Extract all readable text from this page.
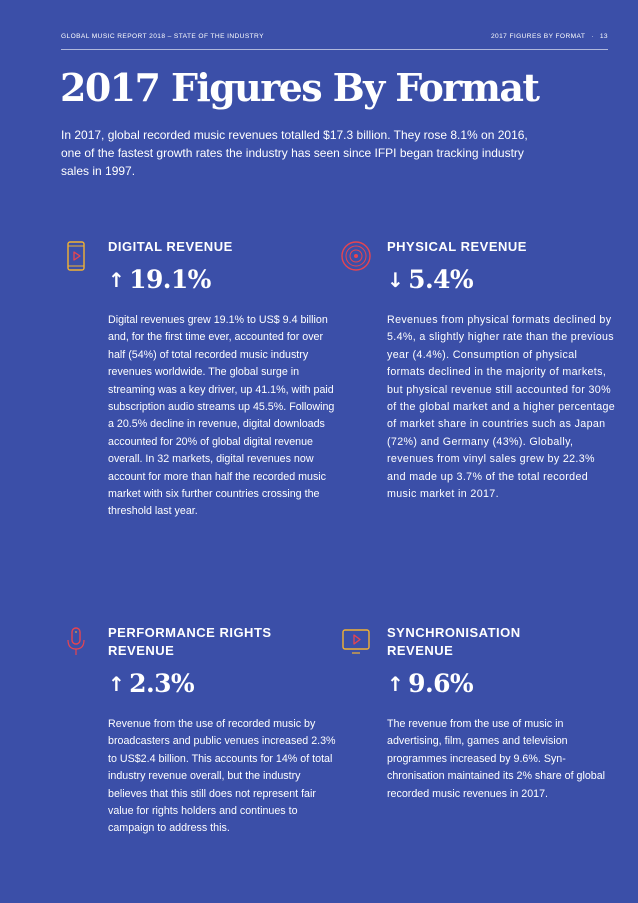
GLOBAL MUSIC REPORT 2018 – STATE OF THE INDUSTRY	2017 FIGURES BY FORMAT · 13
2017 Figures By Format

In 2017, global recorded music revenues totalled $17.3 billion. They rose 8.1% on 2016, one of the fastest growth rates the industry has seen since IFPI began tracking industry sales in 1997.

DIGITAL REVENUE
↑ 19.1%

Digital revenues grew 19.1% to US$ 9.4 billion and, for the first time ever, accounted for over half (54%) of total recorded music industry revenues worldwide. The global surge in streaming was a key driver, up 41.1%, with paid subscription audio streams up 45.5%. Following a 20.5% decline in revenue, digital downloads accounted for 20% of global digital revenue overall. In 32 markets, digital revenues now account for more than half the recorded music market with six further countries crossing the threshold last year.

PHYSICAL REVENUE
↓ 5.4%

Revenues from physical formats declined by 5.4%, a slightly higher rate than the previous year (4.4%). Consumption of physical formats declined in the majority of markets, but physical revenue still accounted for 30% of the global market and a higher percentage of market share in countries such as Japan (72%) and Germany (43%). Globally, revenues from vinyl sales grew by 22.3% and made up 3.7% of the total recorded music market in 2017.

PERFORMANCE RIGHTS
REVENUE
↑ 2.3%

Revenue from the use of recorded music by broadcasters and public venues increased 2.3% to US$2.4 billion. This accounts for 14% of total industry revenue overall, but the industry believes that this still does not represent fair value for rights holders and continues to campaign to address this.

SYNCHRONISATION
REVENUE
↑ 9.6%

The revenue from the use of music in advertising, film, games and television programmes increased by 9.6%. Syn-chronisation maintained its 2% share of global recorded music revenues in 2017.
